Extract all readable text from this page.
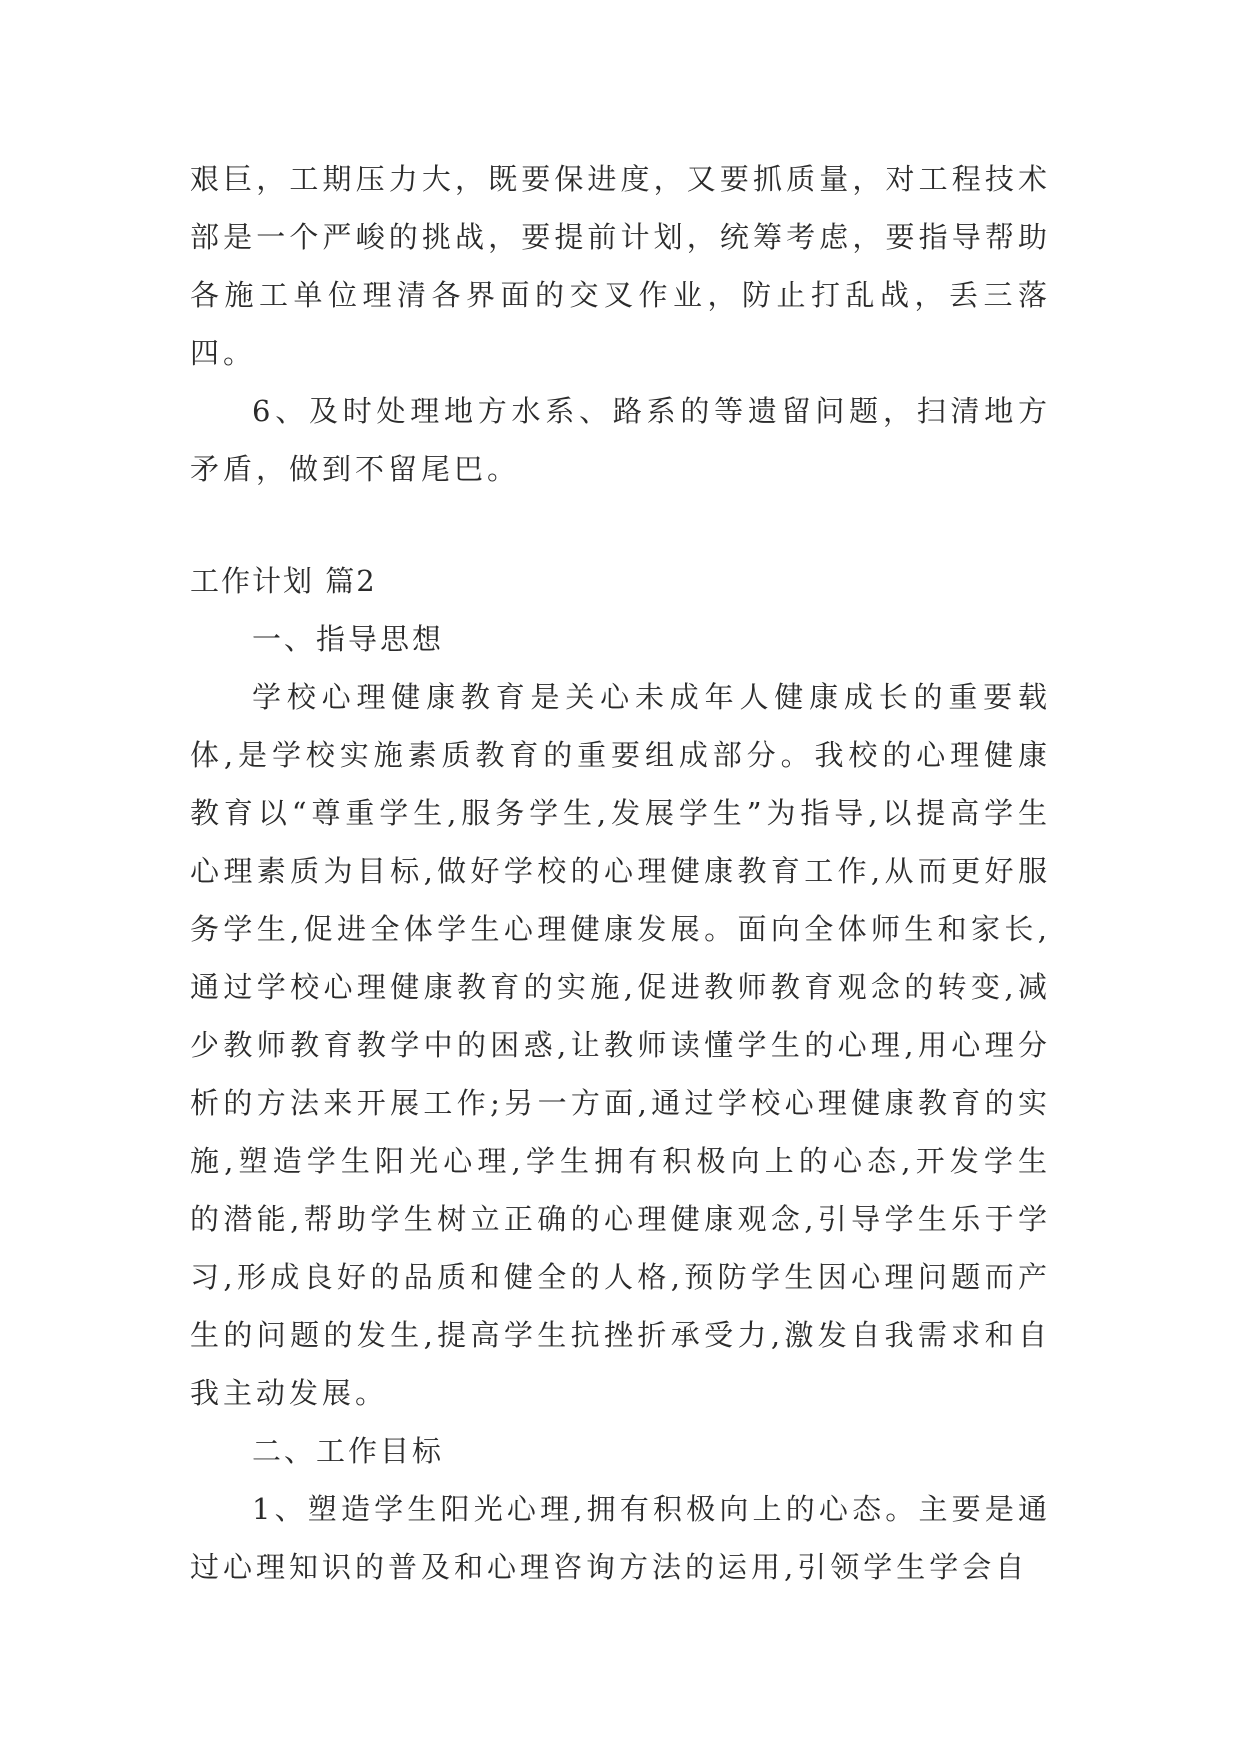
艰巨，工期压力大，既要保进度，又要抓质量，对工程技术部是一个严峻的挑战，要提前计划，统筹考虑，要指导帮助各施工单位理清各界面的交叉作业，防止打乱战，丢三落四。

6、及时处理地方水系、路系的等遗留问题，扫清地方矛盾，做到不留尾巴。

工作计划 篇2

一、指导思想

学校心理健康教育是关心未成年人健康成长的重要载体,是学校实施素质教育的重要组成部分。我校的心理健康教育以“尊重学生,服务学生,发展学生”为指导,以提高学生心理素质为目标,做好学校的心理健康教育工作,从而更好服务学生,促进全体学生心理健康发展。面向全体师生和家长,通过学校心理健康教育的实施,促进教师教育观念的转变,减少教师教育教学中的困惑,让教师读懂学生的心理,用心理分析的方法来开展工作;另一方面,通过学校心理健康教育的实施,塑造学生阳光心理,学生拥有积极向上的心态,开发学生的潜能,帮助学生树立正确的心理健康观念,引导学生乐于学习,形成良好的品质和健全的人格,预防学生因心理问题而产生的问题的发生,提高学生抗挫折承受力,激发自我需求和自我主动发展。

二、工作目标

1、塑造学生阳光心理,拥有积极向上的心态。主要是通过心理知识的普及和心理咨询方法的运用,引领学生学会自
